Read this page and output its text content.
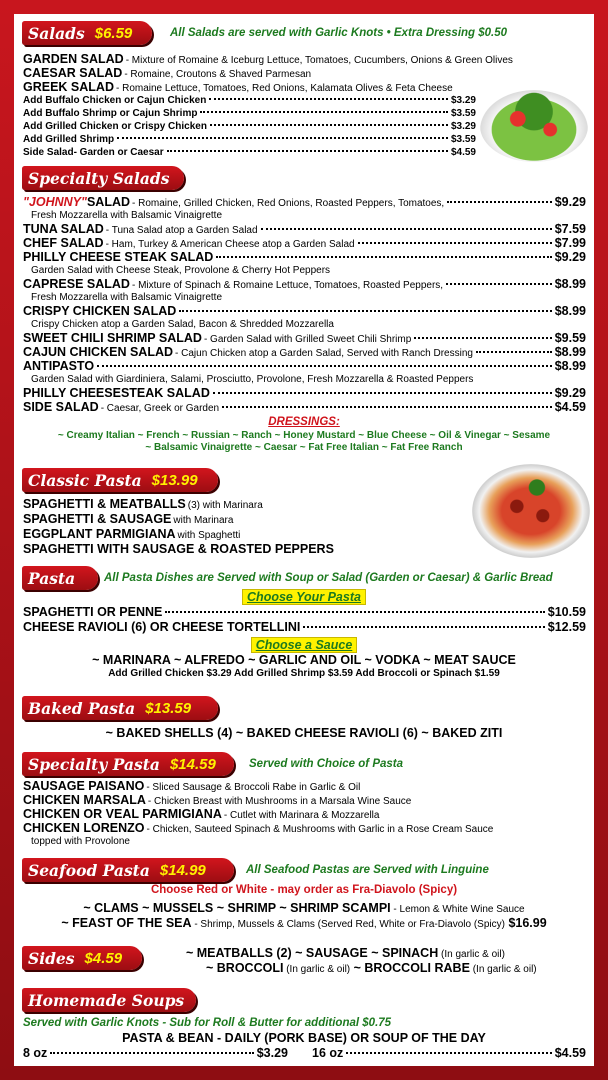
Salads $6.59	All Salads are served with Garlic Knots • Extra Dressing $0.50
GARDEN SALAD - Mixture of Romaine & Iceburg Lettuce, Tomatoes, Cucumbers, Onions & Green Olives
CAESAR SALAD - Romaine, Croutons & Shaved Parmesan
GREEK SALAD - Romaine Lettuce, Tomatoes, Red Onions, Kalamata Olives & Feta Cheese
Add Buffalo Chicken or Cajun Chicken	$3.29
Add Buffalo Shrimp or Cajun Shrimp	$3.59
Add Grilled Chicken or Crispy Chicken	$3.29
Add Grilled Shrimp	$3.59
Side Salad- Garden or Caesar	$4.59
Specialty Salads
"JOHNNY" SALAD - Romaine, Grilled Chicken, Red Onions, Roasted Peppers, Tomatoes,	$9.29
Fresh Mozzarella with Balsamic Vinaigrette
TUNA SALAD - Tuna Salad atop a Garden Salad	$7.59
CHEF SALAD - Ham, Turkey & American Cheese atop a Garden Salad	$7.99
PHILLY CHEESE STEAK SALAD	$9.29
Garden Salad with Cheese Steak, Provolone & Cherry Hot Peppers
CAPRESE SALAD - Mixture of Spinach & Romaine Lettuce, Tomatoes, Roasted Peppers,	$8.99
Fresh Mozzarella with Balsamic Vinaigrette
CRISPY CHICKEN SALAD	$8.99
Crispy Chicken atop a Garden Salad, Bacon & Shredded Mozzarella
SWEET CHILI SHRIMP SALAD - Garden Salad with Grilled Sweet Chili Shrimp	$9.59
CAJUN CHICKEN SALAD - Cajun Chicken atop a Garden Salad, Served with Ranch Dressing	$8.99
ANTIPASTO	$8.99
Garden Salad with Giardiniera, Salami, Prosciutto, Provolone, Fresh Mozzarella & Roasted Peppers
PHILLY CHEESESTEAK SALAD	$9.29
SIDE SALAD - Caesar, Greek or Garden	$4.59
DRESSINGS:
~ Creamy Italian ~ French ~ Russian ~ Ranch ~ Honey Mustard ~ Blue Cheese ~ Oil & Vinegar ~ Sesame
~ Balsamic Vinaigrette ~ Caesar ~ Fat Free Italian ~ Fat Free Ranch
Classic Pasta $13.99
SPAGHETTI & MEATBALLS (3) with Marinara
SPAGHETTI & SAUSAGE with Marinara
EGGPLANT PARMIGIANA with Spaghetti
SPAGHETTI WITH SAUSAGE & ROASTED PEPPERS
Pasta	All Pasta Dishes are Served with Soup or Salad (Garden or Caesar) & Garlic Bread
Choose Your Pasta
SPAGHETTI OR PENNE	$10.59
CHEESE RAVIOLI (6) OR CHEESE TORTELLINI	$12.59
Choose a Sauce
~ MARINARA ~ ALFREDO ~ GARLIC AND OIL ~ VODKA ~ MEAT SAUCE
Add Grilled Chicken $3.29 Add Grilled Shrimp $3.59 Add Broccoli or Spinach $1.59
Baked Pasta $13.59
~ BAKED SHELLS (4) ~ BAKED CHEESE RAVIOLI (6) ~ BAKED ZITI
Specialty Pasta $14.59	Served with Choice of Pasta
SAUSAGE PAISANO - Sliced Sausage & Broccoli Rabe in Garlic & Oil
CHICKEN MARSALA - Chicken Breast with Mushrooms in a Marsala Wine Sauce
CHICKEN OR VEAL PARMIGIANA - Cutlet with Marinara & Mozzarella
CHICKEN LORENZO - Chicken, Sauteed Spinach & Mushrooms with Garlic in a Rose Cream Sauce
topped with Provolone
Seafood Pasta $14.99	All Seafood Pastas are Served with Linguine
Choose Red or White - may order as Fra-Diavolo (Spicy)
~ CLAMS ~ MUSSELS ~ SHRIMP ~ SHRIMP SCAMPI - Lemon & White Wine Sauce
~ FEAST OF THE SEA - Shrimp, Mussels & Clams (Served Red, White or Fra-Diavolo (Spicy) $16.99
Sides $4.59	~ MEATBALLS (2) ~ SAUSAGE ~ SPINACH (In garlic & oil)
~ BROCCOLI (In garlic & oil) ~ BROCCOLI RABE (In garlic & oil)
Homemade Soups
Served with Garlic Knots - Sub for Roll & Butter for additional $0.75
PASTA & BEAN - DAILY (PORK BASE) OR SOUP OF THE DAY
8 oz	$3.29 16 oz	$4.59
